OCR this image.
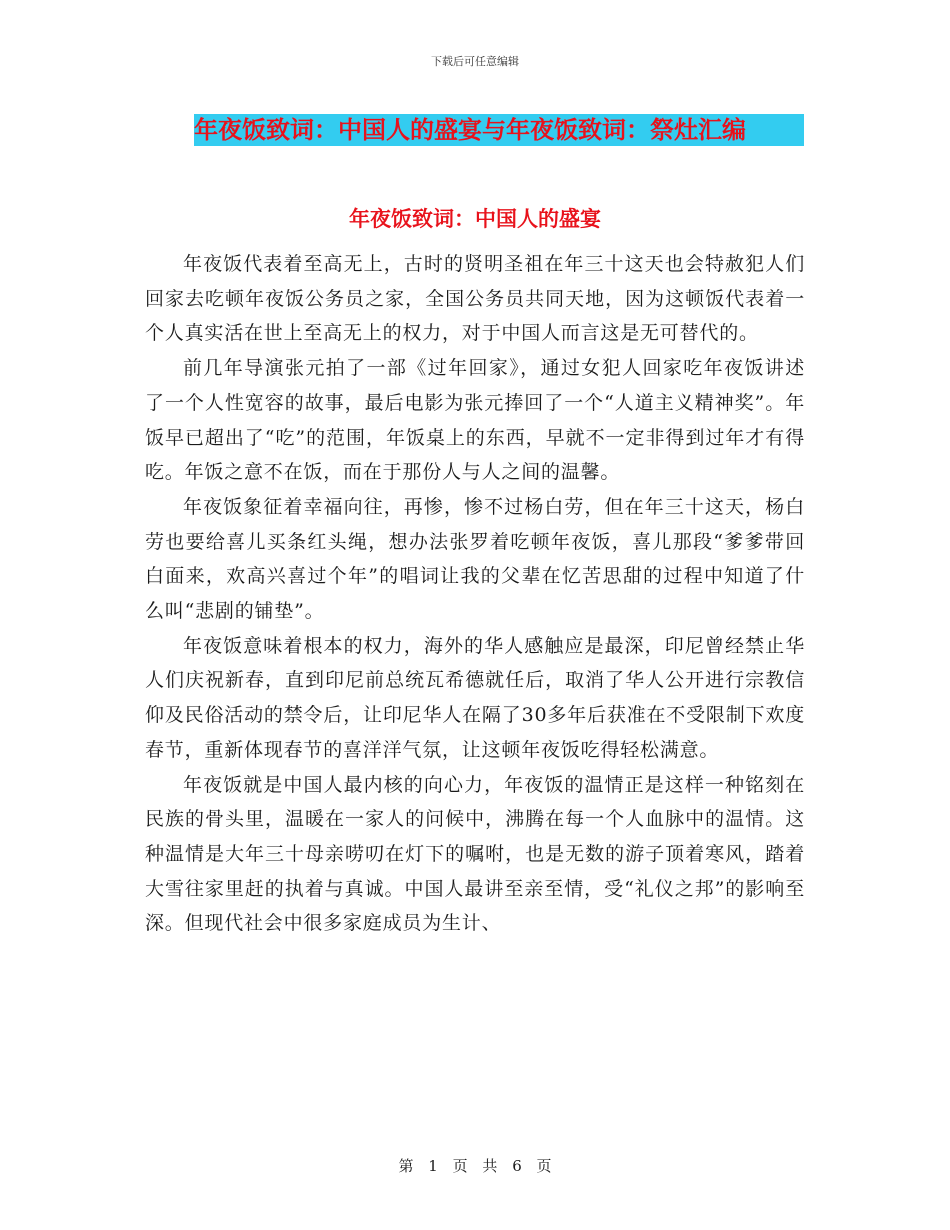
下载后可任意编辑
年夜饭致词：中国人的盛宴与年夜饭致词：祭灶汇编
年夜饭致词：中国人的盛宴

年夜饭代表着至高无上，古时的贤明圣祖在年三十这天也会特赦犯人们回家去吃顿年夜饭公务员之家，全国公务员共同天地，因为这顿饭代表着一个人真实活在世上至高无上的权力，对于中国人而言这是无可替代的。

前几年导演张元拍了一部《过年回家》，通过女犯人回家吃年夜饭讲述了一个人性宽容的故事，最后电影为张元捧回了一个“人道主义精神奖”。年饭早已超出了“吃”的范围，年饭桌上的东西，早就不一定非得到过年才有得吃。年饭之意不在饭，而在于那份人与人之间的温馨。

年夜饭象征着幸福向往，再惨，惨不过杨白劳，但在年三十这天，杨白劳也要给喜儿买条红头绳，想办法张罗着吃顿年夜饭，喜儿那段“爹爹带回白面来，欢高兴喜过个年”的唱词让我的父辈在忆苦思甜的过程中知道了什么叫“悲剧的铺垫”。

年夜饭意味着根本的权力，海外的华人感触应是最深，印尼曾经禁止华人们庆祝新春，直到印尼前总统瓦希德就任后，取消了华人公开进行宗教信仰及民俗活动的禁令后，让印尼华人在隔了30多年后获准在不受限制下欢度春节，重新体现春节的喜洋洋气氛，让这顿年夜饭吃得轻松满意。

年夜饭就是中国人最内核的向心力，年夜饭的温情正是这样一种铭刻在民族的骨头里，温暖在一家人的问候中，沸腾在每一个人血脉中的温情。这种温情是大年三十母亲唠叨在灯下的嘱咐，也是无数的游子顶着寒风，踏着大雪往家里赶的执着与真诚。中国人最讲至亲至情，受“礼仪之邦”的影响至深。但现代社会中很多家庭成员为生计、

第 1 页 共 6 页
